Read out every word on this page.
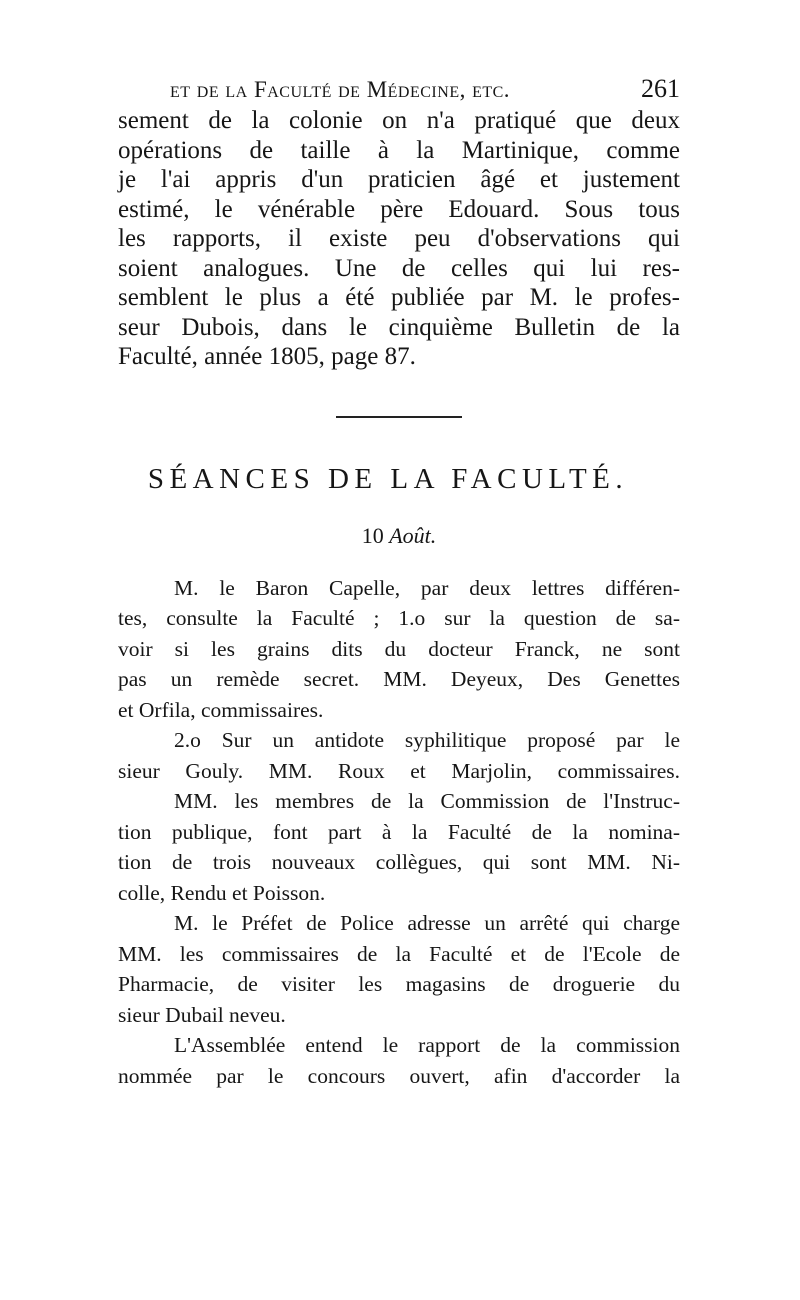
et de la Faculté de Médecine, etc.	261
sement de la colonie on n'a pratiqué que deux
opérations de taille à la Martinique, comme
je l'ai appris d'un praticien âgé et justement
estimé, le vénérable père Edouard. Sous tous
les rapports, il existe peu d'observations qui
soient analogues. Une de celles qui lui res-
semblent le plus a été publiée par M. le profes-
seur Dubois, dans le cinquième Bulletin de la
Faculté, année 1805, page 87.
SÉANCES DE LA FACULTÉ.
10 Août.
M. le Baron Capelle, par deux lettres différen-
tes, consulte la Faculté ; 1.o sur la question de sa-
voir si les grains dits du docteur Franck, ne sont
pas un remède secret. MM. Deyeux, Des Genettes
et Orfila, commissaires.
2.o Sur un antidote syphilitique proposé par le
sieur Gouly. MM. Roux et Marjolin, commissaires.
MM. les membres de la Commission de l'Instruc-
tion publique, font part à la Faculté de la nomina-
tion de trois nouveaux collègues, qui sont MM. Ni-
colle, Rendu et Poisson.
M. le Préfet de Police adresse un arrêté qui charge
MM. les commissaires de la Faculté et de l'Ecole de
Pharmacie, de visiter les magasins de droguerie du
sieur Dubail neveu.
L'Assemblée entend le rapport de la commission
nommée par le concours ouvert, afin d'accorder la
